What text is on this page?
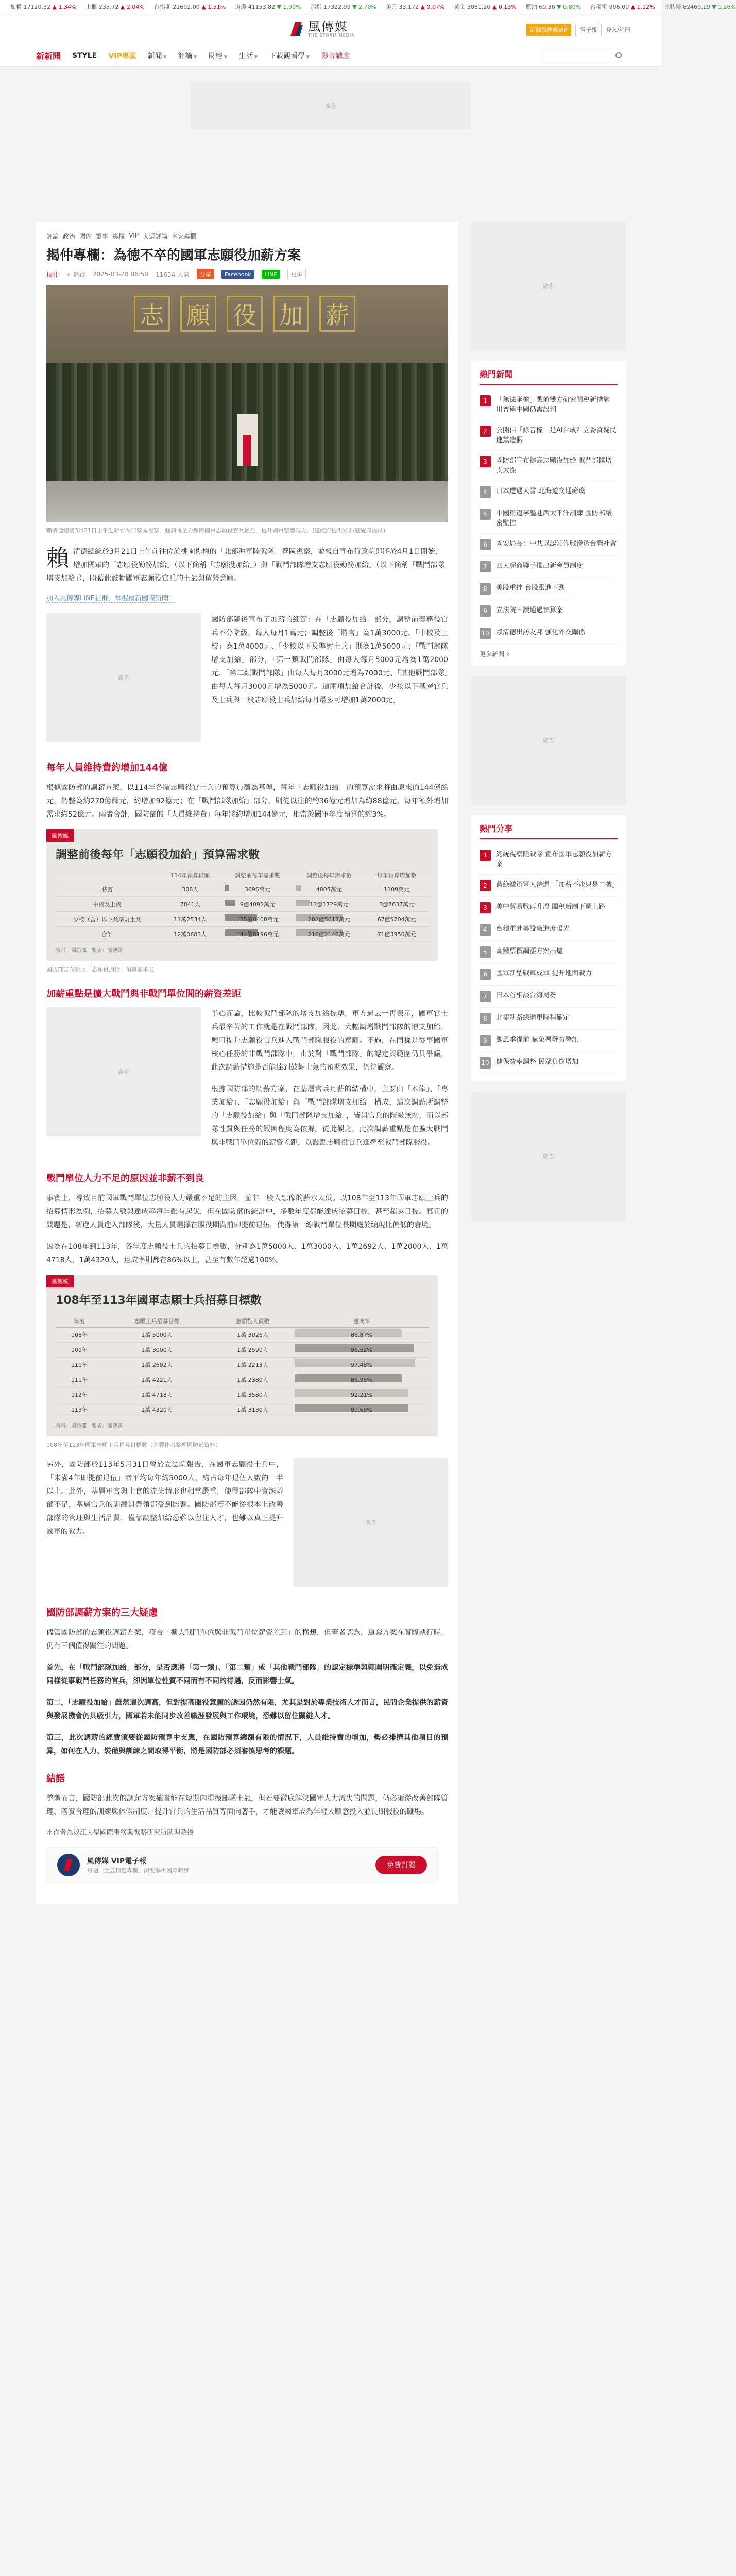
加權 17120.32 ▲ 1.34% 上櫃 235.72 ▲ 2.04% 台指期 21602.00 ▲ 1.51% 道瓊 41153.82 ▼ 1.90% 那指 17322.99 ▼ 2.70% 美元 33.172 ▲ 0.07% 黃金 3081.20 ▲ 0.13% 原油 69.36 ▼ 0.80% 台積電 906.00 ▲ 1.12% 比特幣 82460.19 ▼ 1.26%
風傳媒
THE STORM MEDIA
訂閱風傳媒VIP	電子報	登入/註冊
新新聞 STYLE VIP專區 新聞 ▼ 評論 ▼ 財經 ▼ 生活 ▼ 下載觀看學 ▼ 影音講座
廣告
評論 政治 國內 軍事 專欄 VIP 大選評論 名家專欄
揭仲專欄：為徳不卒的國軍志願役加薪方案
揭仲 + 追蹤 2025-03-28 06:50 11654 人氣	分享	Facebook	LINE	更多
志 願 役 加 薪
賴清德總統3月21日上午赴新竹湖口營區視察，強調將全力保障國軍志願役官兵權益，提升國軍整體戰力。(總統府提供)(圖/總統府提供)
賴清德總統於3月21日上午前往位於桃園楊梅的「北部海軍陸戰隊」營區視察，並親自宣布行政院即將於4月1日開始，增加國軍的「志願役勤務加給」（以下簡稱「志願役加給」）與「戰鬥部隊增支志願役勤務加給」（以下簡稱「戰鬥部隊增支加給」），盼藉此鼓舞國軍志願役官兵的士氣與留營意願。
加入風傳媒LINE社群，掌握最新國際新聞！
廣告

國防部隨後宣布了加薪的細節：在「志願役加給」部分，調整前義務役官兵不分階級，每人每月1萬元；調整後「將官」為1萬3000元、「中校及上校」為1萬4000元、「少校以下及準尉士兵」則為1萬5000元；「戰鬥部隊增支加給」部分，「第一類戰鬥部隊」由每人每月5000元增為1萬2000元、「第二類戰鬥部隊」由每人每月3000元增為7000元、「其他戰鬥部隊」由每人每月3000元增為5000元。這兩項加給合計後，少校以下基層官兵及士兵與一般志願役士兵加給每月最多可增加1萬2000元。

每年人員維持費約增加144億

根據國防部的調薪方案，以114年各階志願役官士兵的預算員額為基準，每年「志願役加給」的預算需求將由原來的144億餘元，調整為約270億餘元，約增加92億元；在「戰鬥部隊加給」部分，則從以往的約36億元增加為約88億元，每年額外增加需求約52億元。兩者合計，國防部的「人員維持費」每年將約增加144億元，相當於國軍年度預算的約3%。

風傳媒
調整前後每年「志願役加給」預算需求數
	114年預算員額	調整前每年需求數	調整後每年需求數	每年預算增加數
將官	308人	3696萬元	4805萬元	1109萬元
中校及上校	7841人	9億4092萬元	13億1729萬元	3億7637萬元
少校（含）以下及準尉士兵	11萬2534人	135億0408萬元	202億5612萬元	67億5204萬元
合計	12萬0683人	144億8196萬元	216億2146萬元	71億3950萬元
資料：國防部　製表：風傳媒
國防部宣布新版「志願役加給」預算需求表
加薪重點是擴大戰鬥與非戰鬥單位間的薪資差距
廣告

半心而論，比較戰鬥部隊的增支加給標準，軍方過去一再表示，國軍官士兵最辛苦的工作就是在戰鬥部隊，因此，大幅調增戰鬥部隊的增支加給，應可提升志願役官兵進入戰鬥部隊服役的意願。不過，在同樣是從事國軍核心任務的非戰鬥部隊中，由於對「戰鬥部隊」的認定與範圍仍具爭議，此次調薪措施是否能達到鼓舞士氣的預期效果，仍待觀察。

根據國防部的調薪方案，在基層官兵月薪的結構中，主要由「本俸」、「專業加給」、「志願役加給」與「戰鬥部隊增支加給」構成，這次調薪所調整的「志願役加給」與「戰鬥部隊增支加給」，皆與官兵的階級無關，而以部隊性質與任務的艱困程度為依據。從此觀之，此次調薪重點是在擴大戰鬥與非戰鬥單位間的薪資差距，以鼓勵志願役官兵選擇至戰鬥部隊服役。

戰鬥單位人力不足的原因並非薪不到良

事實上，導致目前國軍戰鬥單位志願役人力嚴重不足的主因，並非一般人想像的薪水太低。以108年至113年國軍志願士兵的招募情形為例，招募人數與達成率每年雖有起伏，但在國防部的統計中，多數年度都能達成招募目標，甚至超越目標。真正的問題是，新進人員進入部隊後，大量人員選擇在服役期滿前即提前退伍，使得第一線戰鬥單位長期處於編現比偏低的窘境。

因為在108年到113年，各年度志願役士兵的招募目標數，分別為1萬5000人、1萬3000人、1萬2692人、1萬2000人、1萬4718人、1萬4320人，達成率則都在86%以上，甚至有數年超過100%。

風傳媒
108年至113年國軍志願士兵招募目標數
年度	志願士兵招募目標	志願役人員數	達成率
108年	1萬 5000人	1萬 3026人	86.87%
109年	1萬 3000人	1萬 2590人	96.52%
110年	1萬 2692人	1萬 2213人	97.48%
111年	1萬 4221人	1萬 2380人	86.95%
112年	1萬 4718人	1萬 3580人	92.21%
113年	1萬 4320人	1萬 3130人	91.69%
資料：國防部　製表：風傳媒
108年至113年國軍志願士兵招募目標數（本製作者整理國防部資料）
廣告

另外，國防部於113年5月31日曾於立法院報告，在國軍志願役士兵中，「未滿4年即提前退伍」者平均每年約5000人，約占每年退伍人數的一半以上。此外，基層軍官與士官的流失情形也相當嚴重，使得部隊中資深幹部不足，基層官兵的訓練與帶領都受到影響。國防部若不能從根本上改善部隊的管理與生活品質，僅靠調整加給恐難以留住人才，也難以真正提升國軍的戰力。

國防部調薪方案的三大疑慮

儘管國防部的志願役調薪方案，符合「擴大戰鬥單位與非戰鬥單位薪資差距」的構想，但筆者認為，這套方案在實際執行時，仍有三個值得關注的問題。

首先，在「戰鬥部隊加給」部分，是否應將「第一類」、「第二類」或「其他戰鬥部隊」的認定標準與範圍明確定義，以免造成同樣從事戰鬥任務的官兵，卻因單位性質不同而有不同的待遇，反而影響士氣。

第二，「志願役加給」雖然這次調高，但對提高服役意願的誘因仍然有限，尤其是對於專業技術人才而言，民間企業提供的薪資與發展機會仍具吸引力，國軍若未能同步改善職涯發展與工作環境，恐難以留住關鍵人才。

第三，此次調薪的經費須要從國防預算中支應，在國防預算總額有限的情況下，人員維持費的增加，勢必排擠其他項目的預算，如何在人力、裝備與訓練之間取得平衡，將是國防部必須審慎思考的課題。

結語

整體而言，國防部此次的調薪方案確實能在短期內提振部隊士氣，但若要徹底解決國軍人力流失的問題，仍必須從改善部隊管理、落實合理的訓練與休假制度、提升官兵的生活品質等面向著手，才能讓國軍成為年輕人願意投入並長期服役的職場。

＊作者為淡江大學國際事務與戰略研究所助理教授
風傳媒 VIP電子報
每週一至五精選專欄，深度解析國際時事
免費訂閱
廣告
熱門新聞
1	「無法承擔」戰前雙方研究關稅新措施 川普稱中國仍需談判
2	公開信「錄音檔」是AI合成？立委質疑民進黨造假
3	國防部宣布提高志願役加給 戰鬥部隊增支大漲
4	日本遭遇大雪 北海道交通癱瘓
5	中國稱遼寧艦赴西太平洋訓練 國防部嚴密監控
6	國安局長：中共以認知作戰滲透台灣社會
7	四大超商聯手推出新會員制度
8	美股重挫 台股跟進下跌
9	立法院三讀通過預算案
10 賴清德出訪友邦 強化外交關係
更多新聞 »
廣告
熱門分享
1	總統視察陸戰隊 宣布國軍志願役加薪方案
2	藍綠激辯軍人待遇 「加薪不能只是口號」
3	美中貿易戰再升溫 關稅新制下週上路
4	台積電赴美設廠進度曝光
5	高鐵票價調漲方案出爐
6	國軍新型戰車成軍 提升地面戰力
7	日本首相談台海局勢
8	北捷新路線通車時程確定
9	颱風季提前 氣象署發布警訊
10 健保費率調整 民眾負擔增加
廣告
